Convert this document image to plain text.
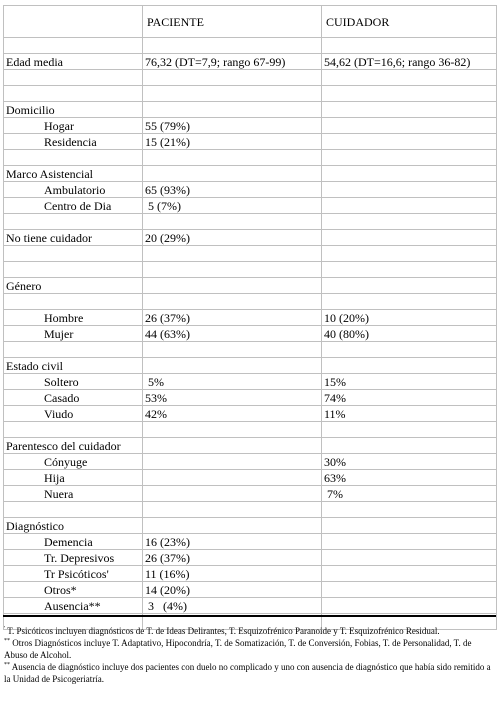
	PACIENTE	CUIDADOR

Edad media	76,32 (DT=7,9; rango 67-99)	54,62 (DT=16,6; rango 36-82)

Domicilio		
Hogar	55 (79%)	
Residencia	15 (21%)	

Marco Asistencial		
Ambulatorio	65 (93%)	
Centro de Dia	5 (7%)	

No tiene cuidador	20 (29%)	

Género		

Hombre	26 (37%)	10 (20%)
Mujer	44 (63%)	40 (80%)

Estado civil		
Soltero	5%	15%
Casado	53%	74%
Viudo	42%	11%

Parentesco del cuidador		
Cónyuge		30%
Hija		63%
Nuera		7%

Diagnóstico		
Demencia	16 (23%)	
Tr. Depresivos	26 (37%)	
Tr Psicóticos'	11 (16%)	
Otros*	14 (20%)	
Ausencia**	3   (4%)	

' T. Psicóticos incluyen diagnósticos de T. de Ideas Delirantes, T. Esquizofrénico Paranoide y T. Esquizofrénico Residual.

** Otros Diagnósticos incluye T. Adaptativo, Hipocondría, T. de Somatización, T. de Conversión, Fobias, T. de Personalidad, T. de Abuso de Alcohol.

** Ausencia de diagnóstico incluye dos pacientes con duelo no complicado y uno con ausencia de diagnóstico que había sido remitido a la Unidad de Psicogeriatría.
